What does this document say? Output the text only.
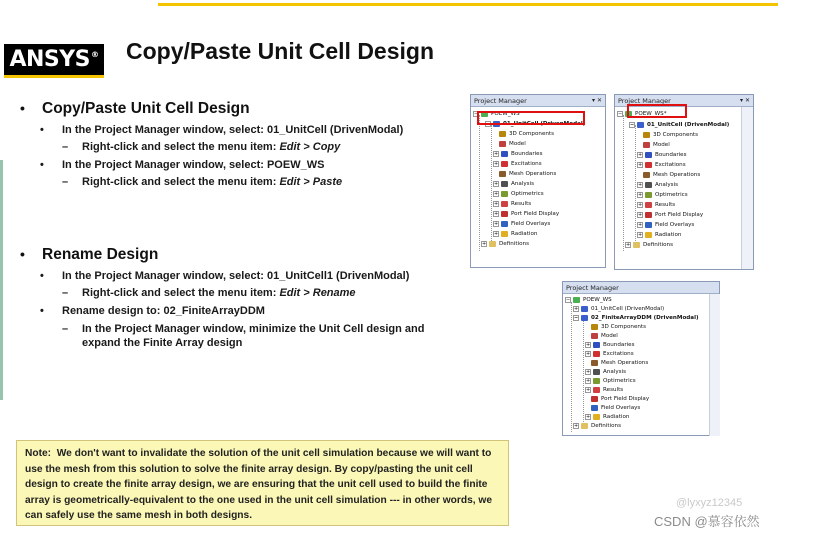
ANSYS ® Copy/Paste Unit Cell Design
•	Copy/Paste Unit Cell Design
•	In the Project Manager window, select: 01_UnitCell (DrivenModal)
–	Right-click and select the menu item: Edit > Copy
•	In the Project Manager window, select: POEW_WS
–	Right-click and select the menu item: Edit > Paste
•	Rename Design
•	In the Project Manager window, select: 01_UnitCell1 (DrivenModal)
–	Right-click and select the menu item: Edit > Rename
•	Rename design to: 02_FiniteArrayDDM
–	In the Project Manager window, minimize the Unit Cell design and expand the Finite Array design
Project Manager	▾ ✕
− POEW_WS
− 01_UnitCell (DrivenModal)
3D Components
Model
+ Boundaries
+ Excitations
Mesh Operations
+ Analysis
+ Optimetrics
+ Results
+ Port Field Display
+ Field Overlays
+ Radiation
+ Definitions
Project Manager	▾ ✕
− POEW_WS*
− 01_UnitCell (DrivenModal)
3D Components
Model
+ Boundaries
+ Excitations
Mesh Operations
+ Analysis
+ Optimetrics
+ Results
+ Port Field Display
+ Field Overlays
+ Radiation
+ Definitions
Project Manager
− POEW_WS
+ 01_UnitCell (DrivenModal)
− 02_FiniteArrayDDM (DrivenModal)
3D Components
Model
+ Boundaries
+ Excitations
Mesh Operations
+ Analysis
+ Optimetrics
+ Results
Port Field Display
Field Overlays
+ Radiation
+ Definitions
Note: We don't want to invalidate the solution of the unit cell simulation because we will want to use the mesh from this solution to solve the finite array design. By copy/pasting the unit cell design to create the finite array design, we are ensuring that the unit cell used to build the finite array is geometrically-equivalent to the one used in the unit cell simulation --- in other words, we can safely use the same mesh in both designs.
@lyxyz12345
CSDN @慕容依然
